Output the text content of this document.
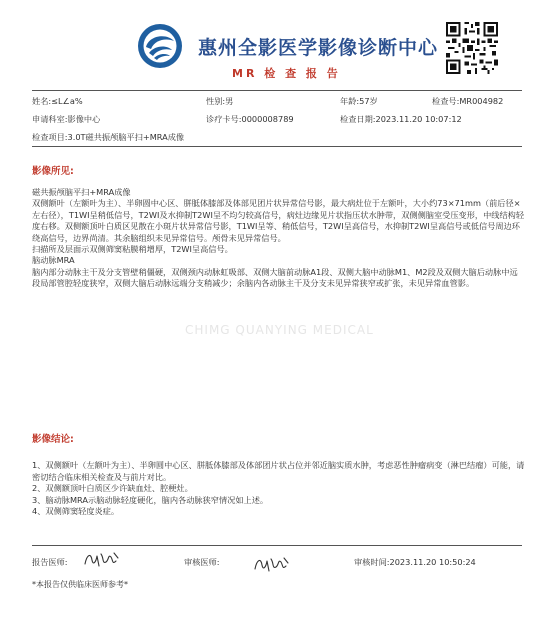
惠州全影医学影像诊断中心
MR 检 查 报 告
姓名:≤L∠a%	性别:男	年龄:57岁	检查号:MR004982
申请科室:影像中心	诊疗卡号:0000008789	检查日期:2023.11.20 10:07:12
检查项目:3.0T磁共振颅脑平扫+MRA成像
影像所见:

磁共振颅脑平扫+MRA成像

双侧额叶（左额叶为主）、半卵圆中心区、胼胝体膝部及体部见团片状异常信号影，最大病灶位于左额叶，大小约73×71mm（前后径×左右径），T1WI呈稍低信号，T2WI及水抑制T2WI呈不均匀较高信号，病灶边缘见片状指压状水肿带，双侧侧脑室受压变形，中线结构轻度右移。双侧额顶叶白质区见散在小斑片状异常信号影，T1WI呈等、稍低信号，T2WI呈高信号，水抑制T2WI呈高信号或低信号周边环绕高信号，边界尚清。其余脑组织未见异常信号。颅骨未见异常信号。

扫描所及层面示双侧筛窦粘膜稍增厚，T2WI呈高信号。

脑动脉MRA

脑内部分动脉主干及分支管壁稍僵硬，双侧颈内动脉虹吸部、双侧大脑前动脉A1段、双侧大脑中动脉M1、M2段及双侧大脑后动脉中远段局部管腔轻度狭窄，双侧大脑后动脉远端分支稍减少；余脑内各动脉主干及分支未见异常狭窄或扩张，未见异常血管影。

CHIMG QUANYING MEDICAL
影像结论:

1、双侧额叶（左额叶为主）、半卵圆中心区、胼胝体膝部及体部团片状占位并邻近脑实质水肿，考虑恶性肿瘤病变（淋巴结瘤）可能，请密切结合临床相关检查及与前片对比。

2、双侧额顶叶白质区少许缺血灶、腔梗灶。

3、脑动脉MRA示脑动脉轻度硬化，脑内各动脉狭窄情况如上述。

4、双侧筛窦轻度炎症。

报告医师:	审核医师:	审核时间:2023.11.20 10:50:24
*本报告仅供临床医师参考*
